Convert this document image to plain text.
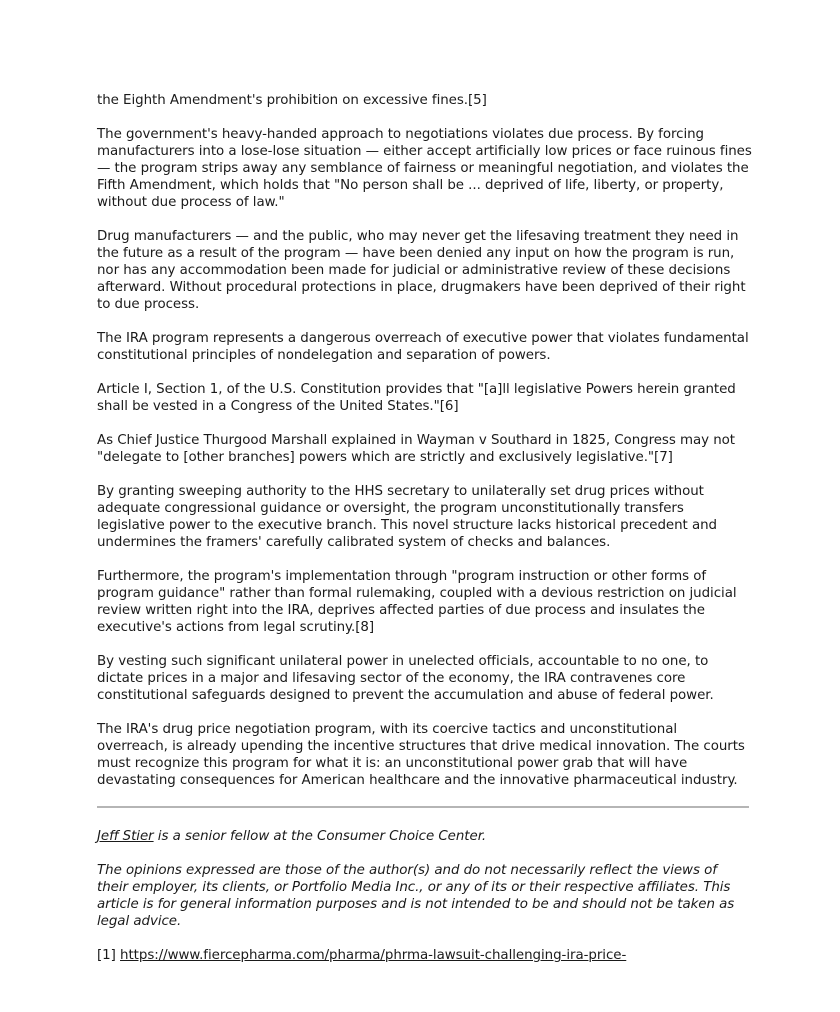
the Eighth Amendment's prohibition on excessive fines.[5]

The government's heavy-handed approach to negotiations violates due process. By forcing manufacturers into a lose-lose situation — either accept artificially low prices or face ruinous fines — the program strips away any semblance of fairness or meaningful negotiation, and violates the Fifth Amendment, which holds that "No person shall be ... deprived of life, liberty, or property, without due process of law."

Drug manufacturers — and the public, who may never get the lifesaving treatment they need in the future as a result of the program — have been denied any input on how the program is run, nor has any accommodation been made for judicial or administrative review of these decisions afterward. Without procedural protections in place, drugmakers have been deprived of their right to due process.

The IRA program represents a dangerous overreach of executive power that violates fundamental constitutional principles of nondelegation and separation of powers.

Article I, Section 1, of the U.S. Constitution provides that "[a]ll legislative Powers herein granted shall be vested in a Congress of the United States."[6]

As Chief Justice Thurgood Marshall explained in Wayman v Southard in 1825, Congress may not "delegate to [other branches] powers which are strictly and exclusively legislative."[7]

By granting sweeping authority to the HHS secretary to unilaterally set drug prices without adequate congressional guidance or oversight, the program unconstitutionally transfers legislative power to the executive branch. This novel structure lacks historical precedent and undermines the framers' carefully calibrated system of checks and balances.

Furthermore, the program's implementation through "program instruction or other forms of program guidance" rather than formal rulemaking, coupled with a devious restriction on judicial review written right into the IRA, deprives affected parties of due process and insulates the executive's actions from legal scrutiny.[8]

By vesting such significant unilateral power in unelected officials, accountable to no one, to dictate prices in a major and lifesaving sector of the economy, the IRA contravenes core constitutional safeguards designed to prevent the accumulation and abuse of federal power.

The IRA's drug price negotiation program, with its coercive tactics and unconstitutional overreach, is already upending the incentive structures that drive medical innovation. The courts must recognize this program for what it is: an unconstitutional power grab that will have devastating consequences for American healthcare and the innovative pharmaceutical industry.

Jeff Stier is a senior fellow at the Consumer Choice Center.

The opinions expressed are those of the author(s) and do not necessarily reflect the views of their employer, its clients, or Portfolio Media Inc., or any of its or their respective affiliates. This article is for general information purposes and is not intended to be and should not be taken as legal advice.

[1] https://www.fiercepharma.com/pharma/phrma-lawsuit-challenging-ira-price-
